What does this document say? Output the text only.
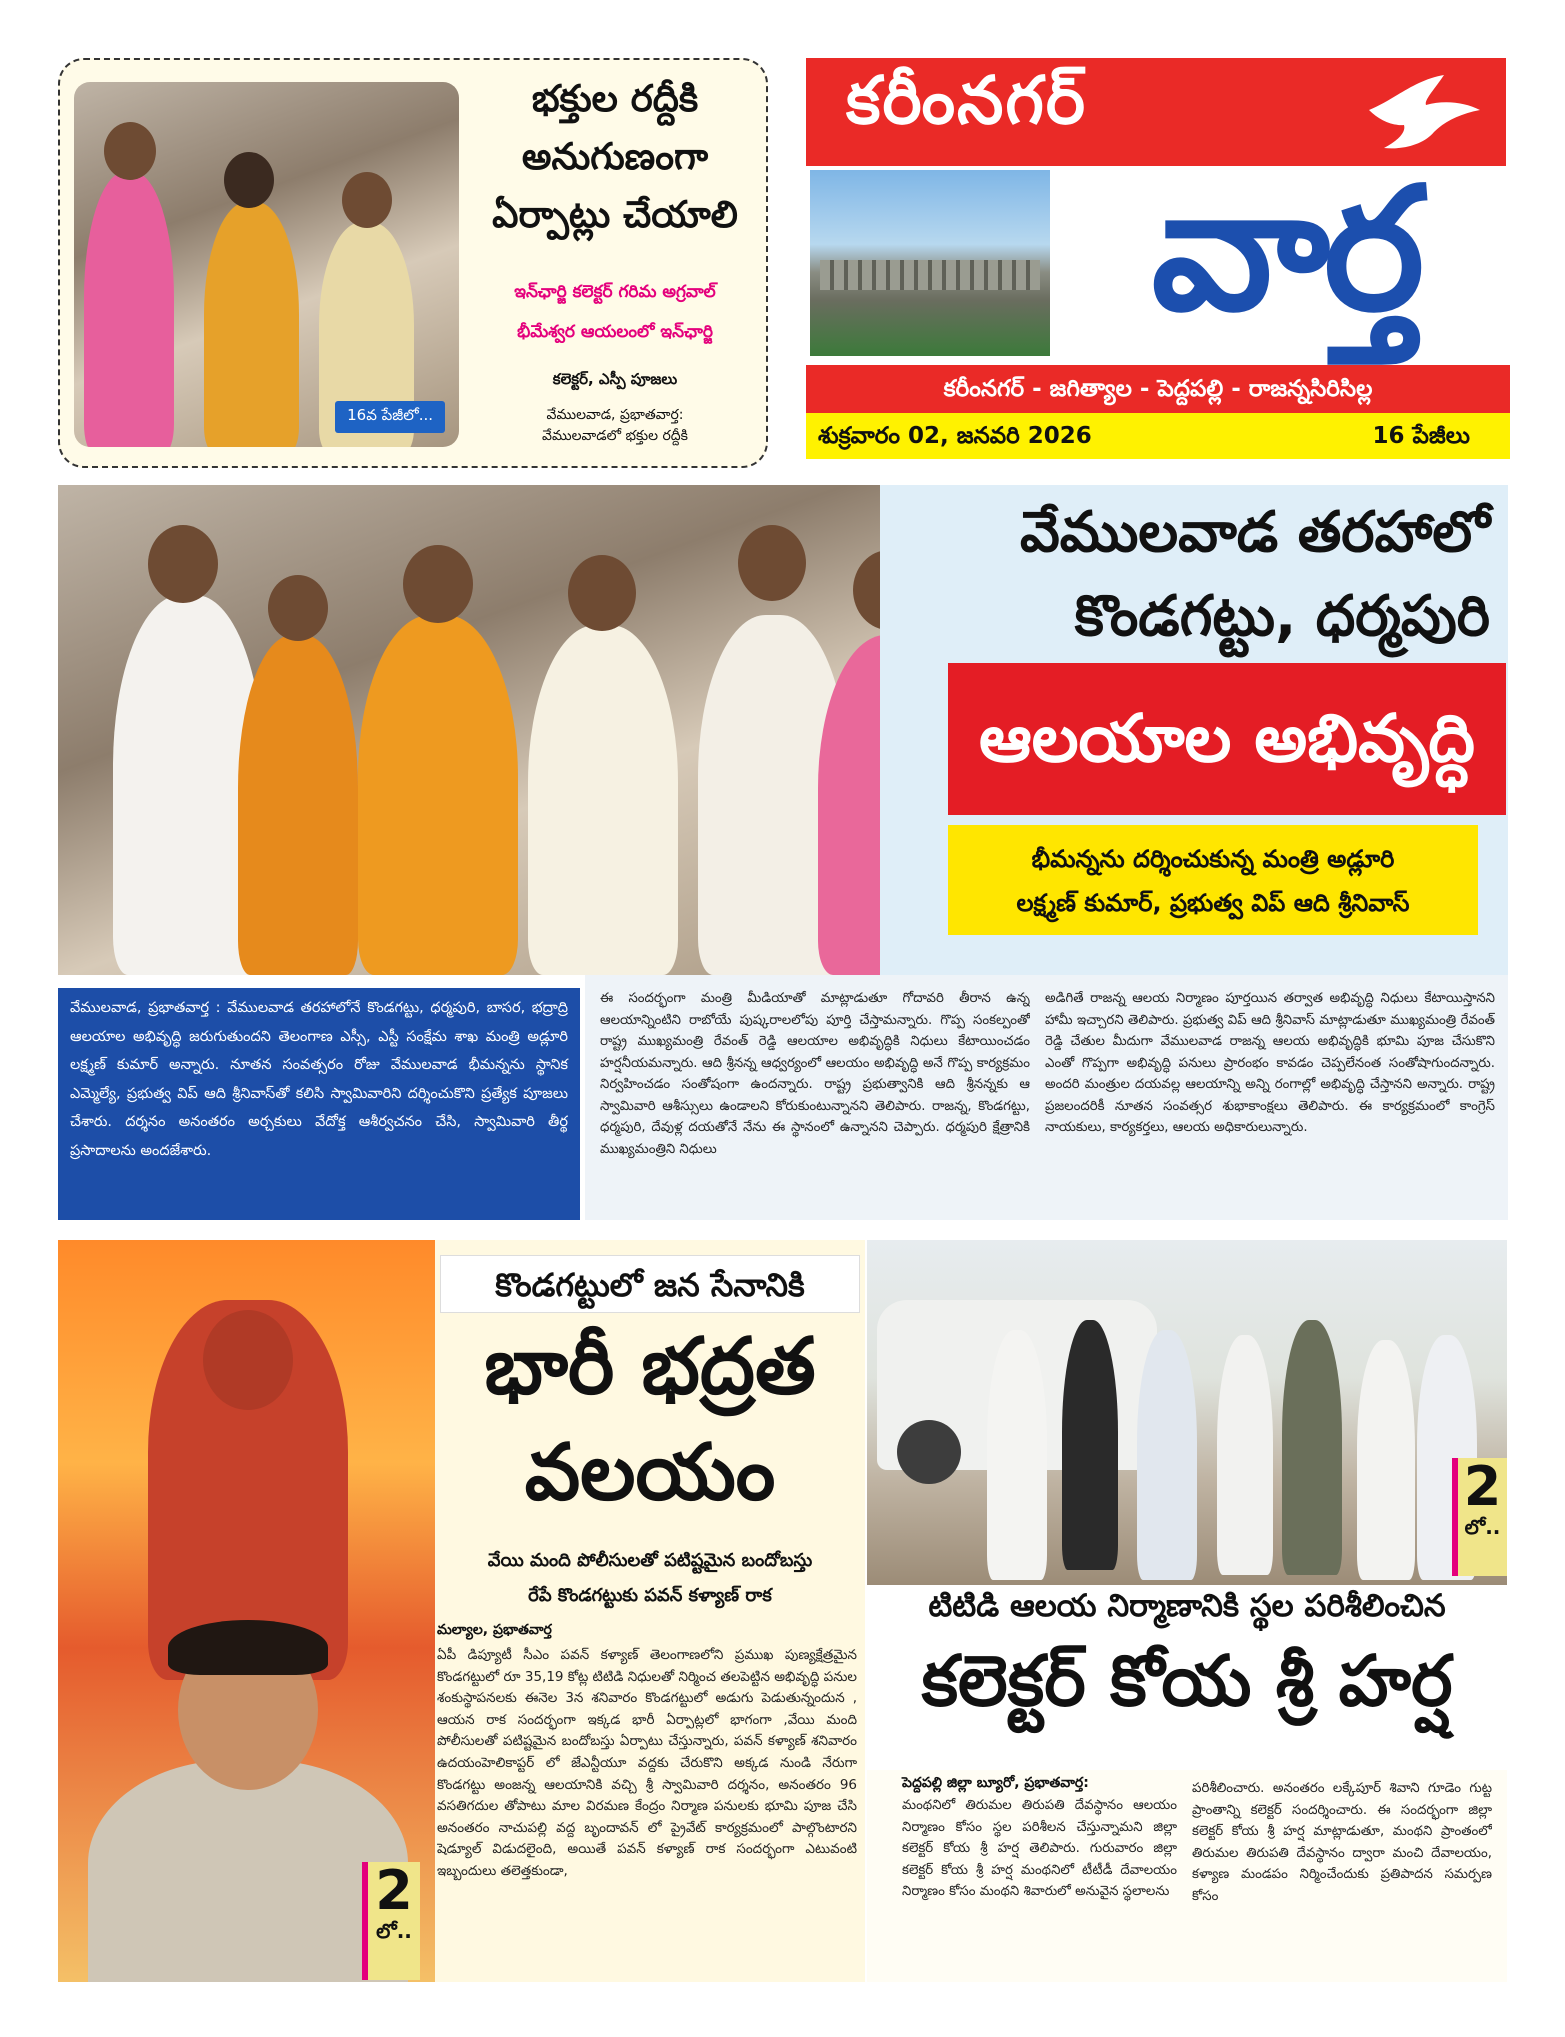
16వ పేజీలో...
భక్తుల రద్దీకి
అనుగుణంగా
ఏర్పాట్లు చేయాలి
ఇన్‌ఛార్జి కలెక్టర్ గరిమ అగ్రవాల్
భీమేశ్వర ఆయలంలో ఇన్‌ఛార్జి
కలెక్టర్, ఎస్పీ పూజలు
వేములవాడ, ప్రభాతవార్త:
వేములవాడలో భక్తుల రద్దీకి
కరీంనగర్
వార్త
కరీంనగర్ - జగిత్యాల - పెద్దపల్లి - రాజన్నసిరిసిల్ల
శుక్రవారం 02, జనవరి 2026	16 పేజీలు
వేములవాడ తరహాలో
కొండగట్టు, ధర్మపురి
ఆలయాల అభివృద్ధి
భీమన్నను దర్శించుకున్న మంత్రి అడ్లూరి
లక్ష్మణ్ కుమార్, ప్రభుత్వ విప్ ఆది శ్రీనివాస్
వేములవాడ, ప్రభాతవార్త : వేములవాడ తరహాలోనే కొండగట్టు, ధర్మపురి, బాసర, భద్రాద్రి ఆలయాల అభివృద్ధి జరుగుతుందని తెలంగాణ ఎస్సీ, ఎస్టీ సంక్షేమ శాఖ మంత్రి అడ్లూరి లక్ష్మణ్ కుమార్ అన్నారు. నూతన సంవత్సరం రోజు వేములవాడ భీమన్నను స్థానిక ఎమ్మెల్యే, ప్రభుత్వ విప్ ఆది శ్రీనివాస్‌తో కలిసి స్వామివారిని దర్శించుకొని ప్రత్యేక పూజలు చేశారు. దర్శనం అనంతరం అర్చకులు వేదోక్త ఆశీర్వచనం చేసి, స్వామివారి తీర్థ ప్రసాదాలను అందజేశారు.
ఈ సందర్భంగా మంత్రి మీడియాతో మాట్లాడుతూ గోదావరి తీరాన ఉన్న ఆలయాన్నింటిని రాబోయే పుష్కరాలలోపు పూర్తి చేస్తామన్నారు. గొప్ప సంకల్పంతో రాష్ట్ర ముఖ్యమంత్రి రేవంత్ రెడ్డి ఆలయాల అభివృద్ధికి నిధులు కేటాయించడం హర్షనీయమన్నారు. ఆది శ్రీనన్న ఆధ్వర్యంలో ఆలయం అభివృద్ధి అనే గొప్ప కార్యక్రమం నిర్వహించడం సంతోషంగా ఉందన్నారు. రాష్ట్ర ప్రభుత్వానికి ఆది శ్రీనన్నకు ఆ స్వామివారి ఆశీస్సులు ఉండాలని కోరుకుంటున్నానని తెలిపారు. రాజన్న, కొండగట్టు, ధర్మపురి, దేవుళ్ల దయతోనే నేను ఈ స్థానంలో ఉన్నానని చెప్పారు. ధర్మపురి క్షేత్రానికి ముఖ్యమంత్రిని నిధులు
అడిగితే రాజన్న ఆలయ నిర్మాణం పూర్తయిన తర్వాత అభివృద్ధి నిధులు కేటాయిస్తానని హామీ ఇచ్చారని తెలిపారు. ప్రభుత్వ విప్ ఆది శ్రీనివాస్ మాట్లాడుతూ ముఖ్యమంత్రి రేవంత్ రెడ్డి చేతుల మీదుగా వేములవాడ రాజన్న ఆలయ అభివృద్ధికి భూమి పూజ చేసుకొని ఎంతో గొప్పగా అభివృద్ధి పనులు ప్రారంభం కావడం చెప్పలేనంత సంతోషాగుందన్నారు. అందరి మంత్రుల దయవల్ల ఆలయాన్ని అన్ని రంగాల్లో అభివృద్ధి చేస్తానని అన్నారు. రాష్ట్ర ప్రజలందరికీ నూతన సంవత్సర శుభాకాంక్షలు తెలిపారు. ఈ కార్యక్రమంలో కాంగ్రెస్ నాయకులు, కార్యకర్తలు, ఆలయ అధికారులున్నారు.
కొండగట్టులో జన సేనానికి
భారీ భద్రత
వలయం
వేయి మంది పోలీసులతో పటిష్టమైన బందోబస్తు
రేపే కొండగట్టుకు పవన్ కళ్యాణ్ రాక
మల్యాల, ప్రభాతవార్త
ఏపీ డిప్యూటీ సీఎం పవన్ కళ్యాణ్ తెలంగాణలోని ప్రముఖ పుణ్యక్షేత్రమైన కొండగట్టులో రూ 35,19 కోట్ల టిటిడి నిధులతో నిర్మించ తలపెట్టిన అభివృద్ధి పనుల శంకుస్థాపనలకు ఈనెల 3న శనివారం కొండగట్టులో అడుగు పెడుతున్నందున , ఆయన రాక సందర్భంగా ఇక్కడ భారీ ఏర్పాట్లలో భాగంగా ,వేయి మంది పోలీసులతో పటిష్టమైన బందోబస్తు ఏర్పాటు చేస్తున్నారు, పవన్ కళ్యాణ్ శనివారం ఉదయంహెలికాప్టర్ లో జేఎన్టీయూ వద్దకు చేరుకొని అక్కడ నుండి నేరుగా కొండగట్టు అంజన్న ఆలయానికి వచ్చి శ్రీ స్వామివారి దర్శనం, అనంతరం 96 వసతిగదుల తోపాటు మాల విరమణ కేంద్రం నిర్మాణ పనులకు భూమి పూజ చేసి అనంతరం నాచుపల్లి వద్ద బృందావన్ లో ప్రైవేట్ కార్యక్రమంలో పాల్గొంటారని షెడ్యూల్ విడుదలైంది, అయితే పవన్ కళ్యాణ్ రాక సందర్భంగా ఎటువంటి ఇబ్బందులు తలెత్తకుండా,
2
లో..
2
లో..
టిటిడి ఆలయ నిర్మాణానికి స్థల పరిశీలించిన
కలెక్టర్ కోయ శ్రీ హర్ష
పెద్దపల్లి జిల్లా బ్యూరో, ప్రభాతవార్త:
మంథనిలో తిరుమల తిరుపతి దేవస్థానం ఆలయం నిర్మాణం కోసం స్థల పరిశీలన చేస్తున్నామని జిల్లా కలెక్టర్ కోయ శ్రీ హర్ష తెలిపారు. గురువారం జిల్లా కలెక్టర్ కోయ శ్రీ హర్ష మంథనిలో టీటీడీ దేవాలయం నిర్మాణం కోసం మంథని శివారులో అనువైన స్థలాలను
పరిశీలించారు. అనంతరం లక్కేపూర్ శివాని గూడెం గుట్ట ప్రాంతాన్ని కలెక్టర్ సందర్శించారు. ఈ సందర్భంగా జిల్లా కలెక్టర్ కోయ శ్రీ హర్ష మాట్లాడుతూ, మంథని ప్రాంతంలో తిరుమల తిరుపతి దేవస్థానం ద్వారా మంచి దేవాలయం, కళ్యాణ మండపం నిర్మించేందుకు ప్రతిపాదన సమర్పణ కోసం
